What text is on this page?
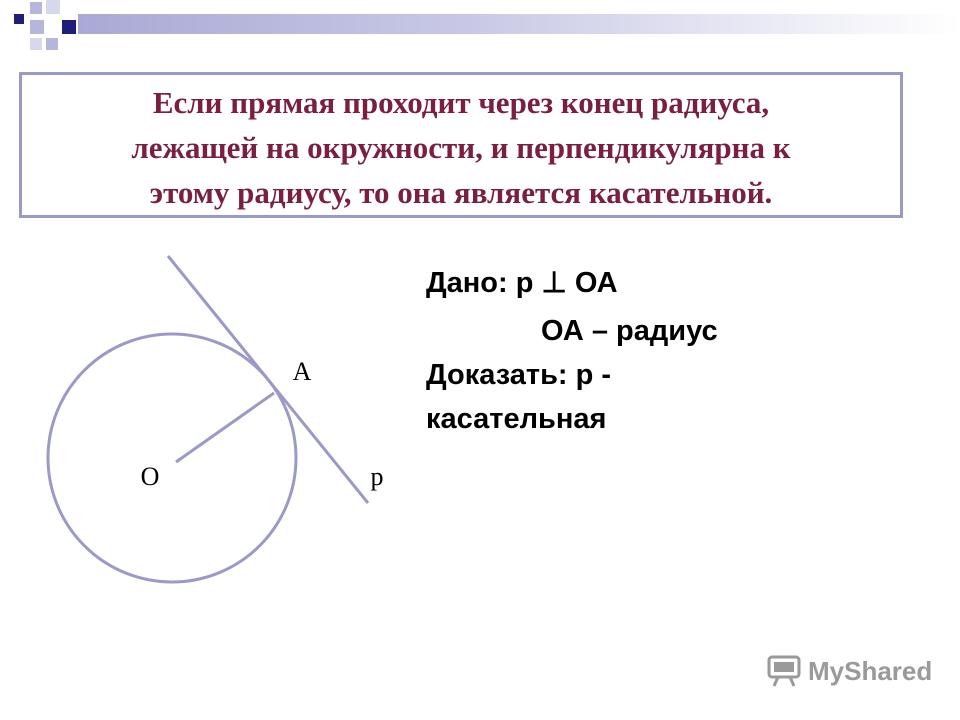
Если прямая проходит через конец радиуса,
лежащей на окружности, и перпендикулярна к
этому радиусу, то она является касательной.
O
A
p
Дано: р ⊥ ОА
ОА – радиус
Доказать: р -
касательная
MyShared
